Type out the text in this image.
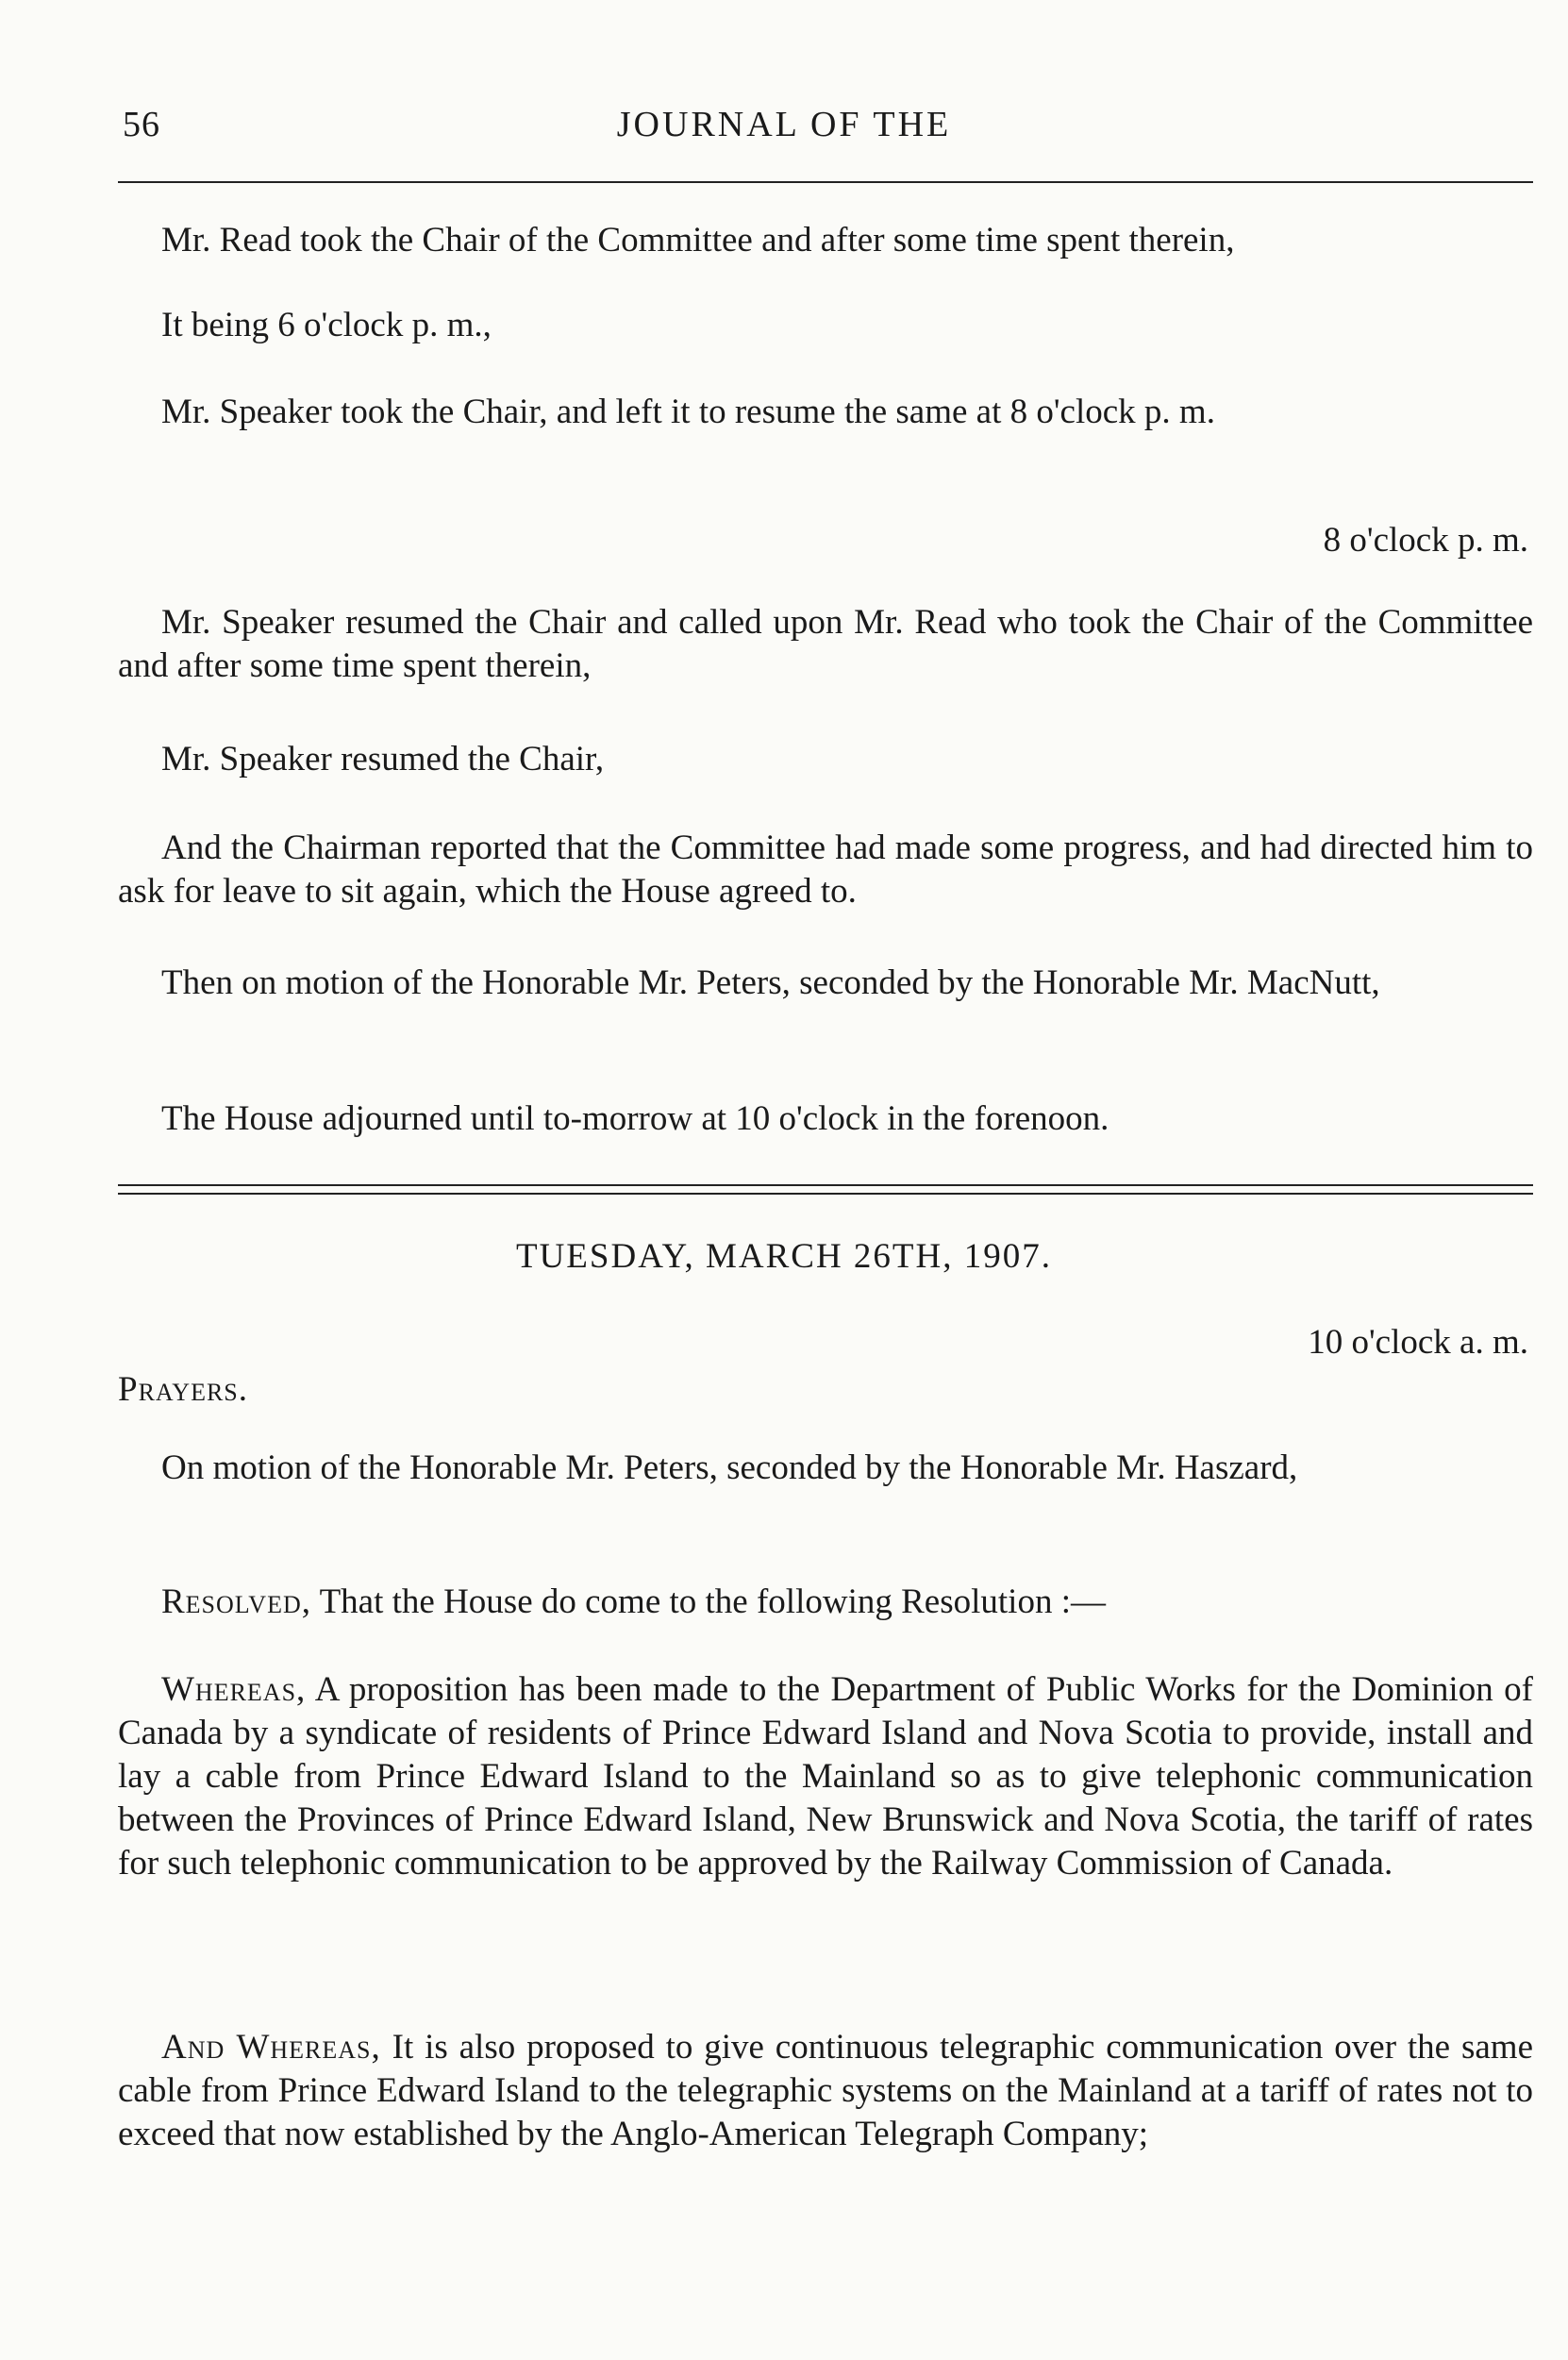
56	JOURNAL OF THE
Mr. Read took the Chair of the Committee and after some time spent therein,
It being 6 o'clock p. m.,
Mr. Speaker took the Chair, and left it to resume the same at 8 o'clock p. m.
8 o'clock p. m.
Mr. Speaker resumed the Chair and called upon Mr. Read who took the Chair of the Committee and after some time spent therein,
Mr. Speaker resumed the Chair,
And the Chairman reported that the Committee had made some progress, and had directed him to ask for leave to sit again, which the House agreed to.
Then on motion of the Honorable Mr. Peters, seconded by the Honorable Mr. MacNutt,
The House adjourned until to-morrow at 10 o'clock in the forenoon.
TUESDAY, MARCH 26TH, 1907.
10 o'clock a. m.
Prayers.
On motion of the Honorable Mr. Peters, seconded by the Honorable Mr. Haszard,
Resolved, That the House do come to the following Resolution :—
Whereas, A proposition has been made to the Department of Public Works for the Dominion of Canada by a syndicate of residents of Prince Edward Island and Nova Scotia to provide, install and lay a cable from Prince Edward Island to the Mainland so as to give telephonic communication between the Provinces of Prince Edward Island, New Brunswick and Nova Scotia, the tariff of rates for such telephonic communication to be approved by the Railway Commission of Canada.
And Whereas, It is also proposed to give continuous telegraphic communication over the same cable from Prince Edward Island to the telegraphic systems on the Mainland at a tariff of rates not to exceed that now established by the Anglo-American Telegraph Company;
